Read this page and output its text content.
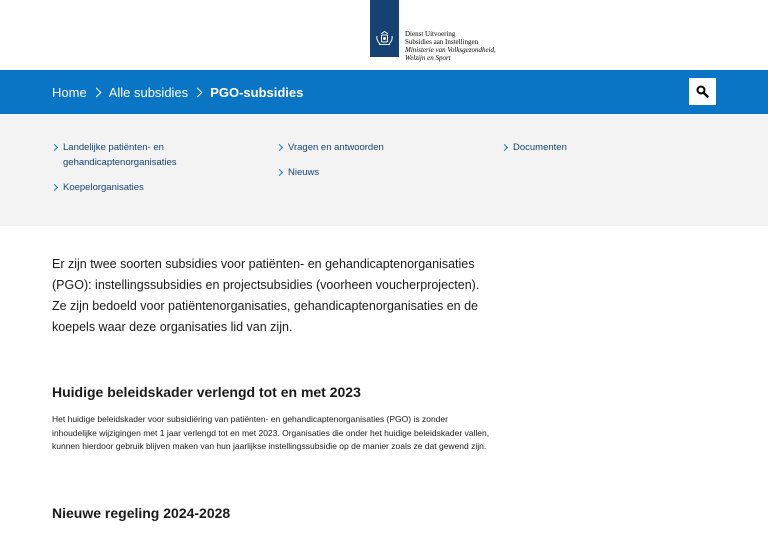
Dienst Uitvoering
Subsidies aan Instellingen
Ministerie van Volksgezondheid,
Welzijn en Sport
Home Alle subsidies PGO-subsidies
Landelijke patiënten- en gehandicaptenorganisaties
Koepelorganisaties
Vragen en antwoorden
Nieuws
Documenten

Er zijn twee soorten subsidies voor patiënten- en gehandicaptenorganisaties (PGO): instellingssubsidies en projectsubsidies (voorheen voucherprojecten). Ze zijn bedoeld voor patiëntenorganisaties, gehandicaptenorganisaties en de koepels waar deze organisaties lid van zijn.

Huidige beleidskader verlengd tot en met 2023

Het huidige beleidskader voor subsidiëring van patiënten- en gehandicaptenorganisaties (PGO) is zonder inhoudelijke wijzigingen met 1 jaar verlengd tot en met 2023. Organisaties die onder het huidige beleidskader vallen, kunnen hierdoor gebruik blijven maken van hun jaarlijkse instellingssubsidie op de manier zoals ze dat gewend zijn.

Nieuwe regeling 2024-2028
